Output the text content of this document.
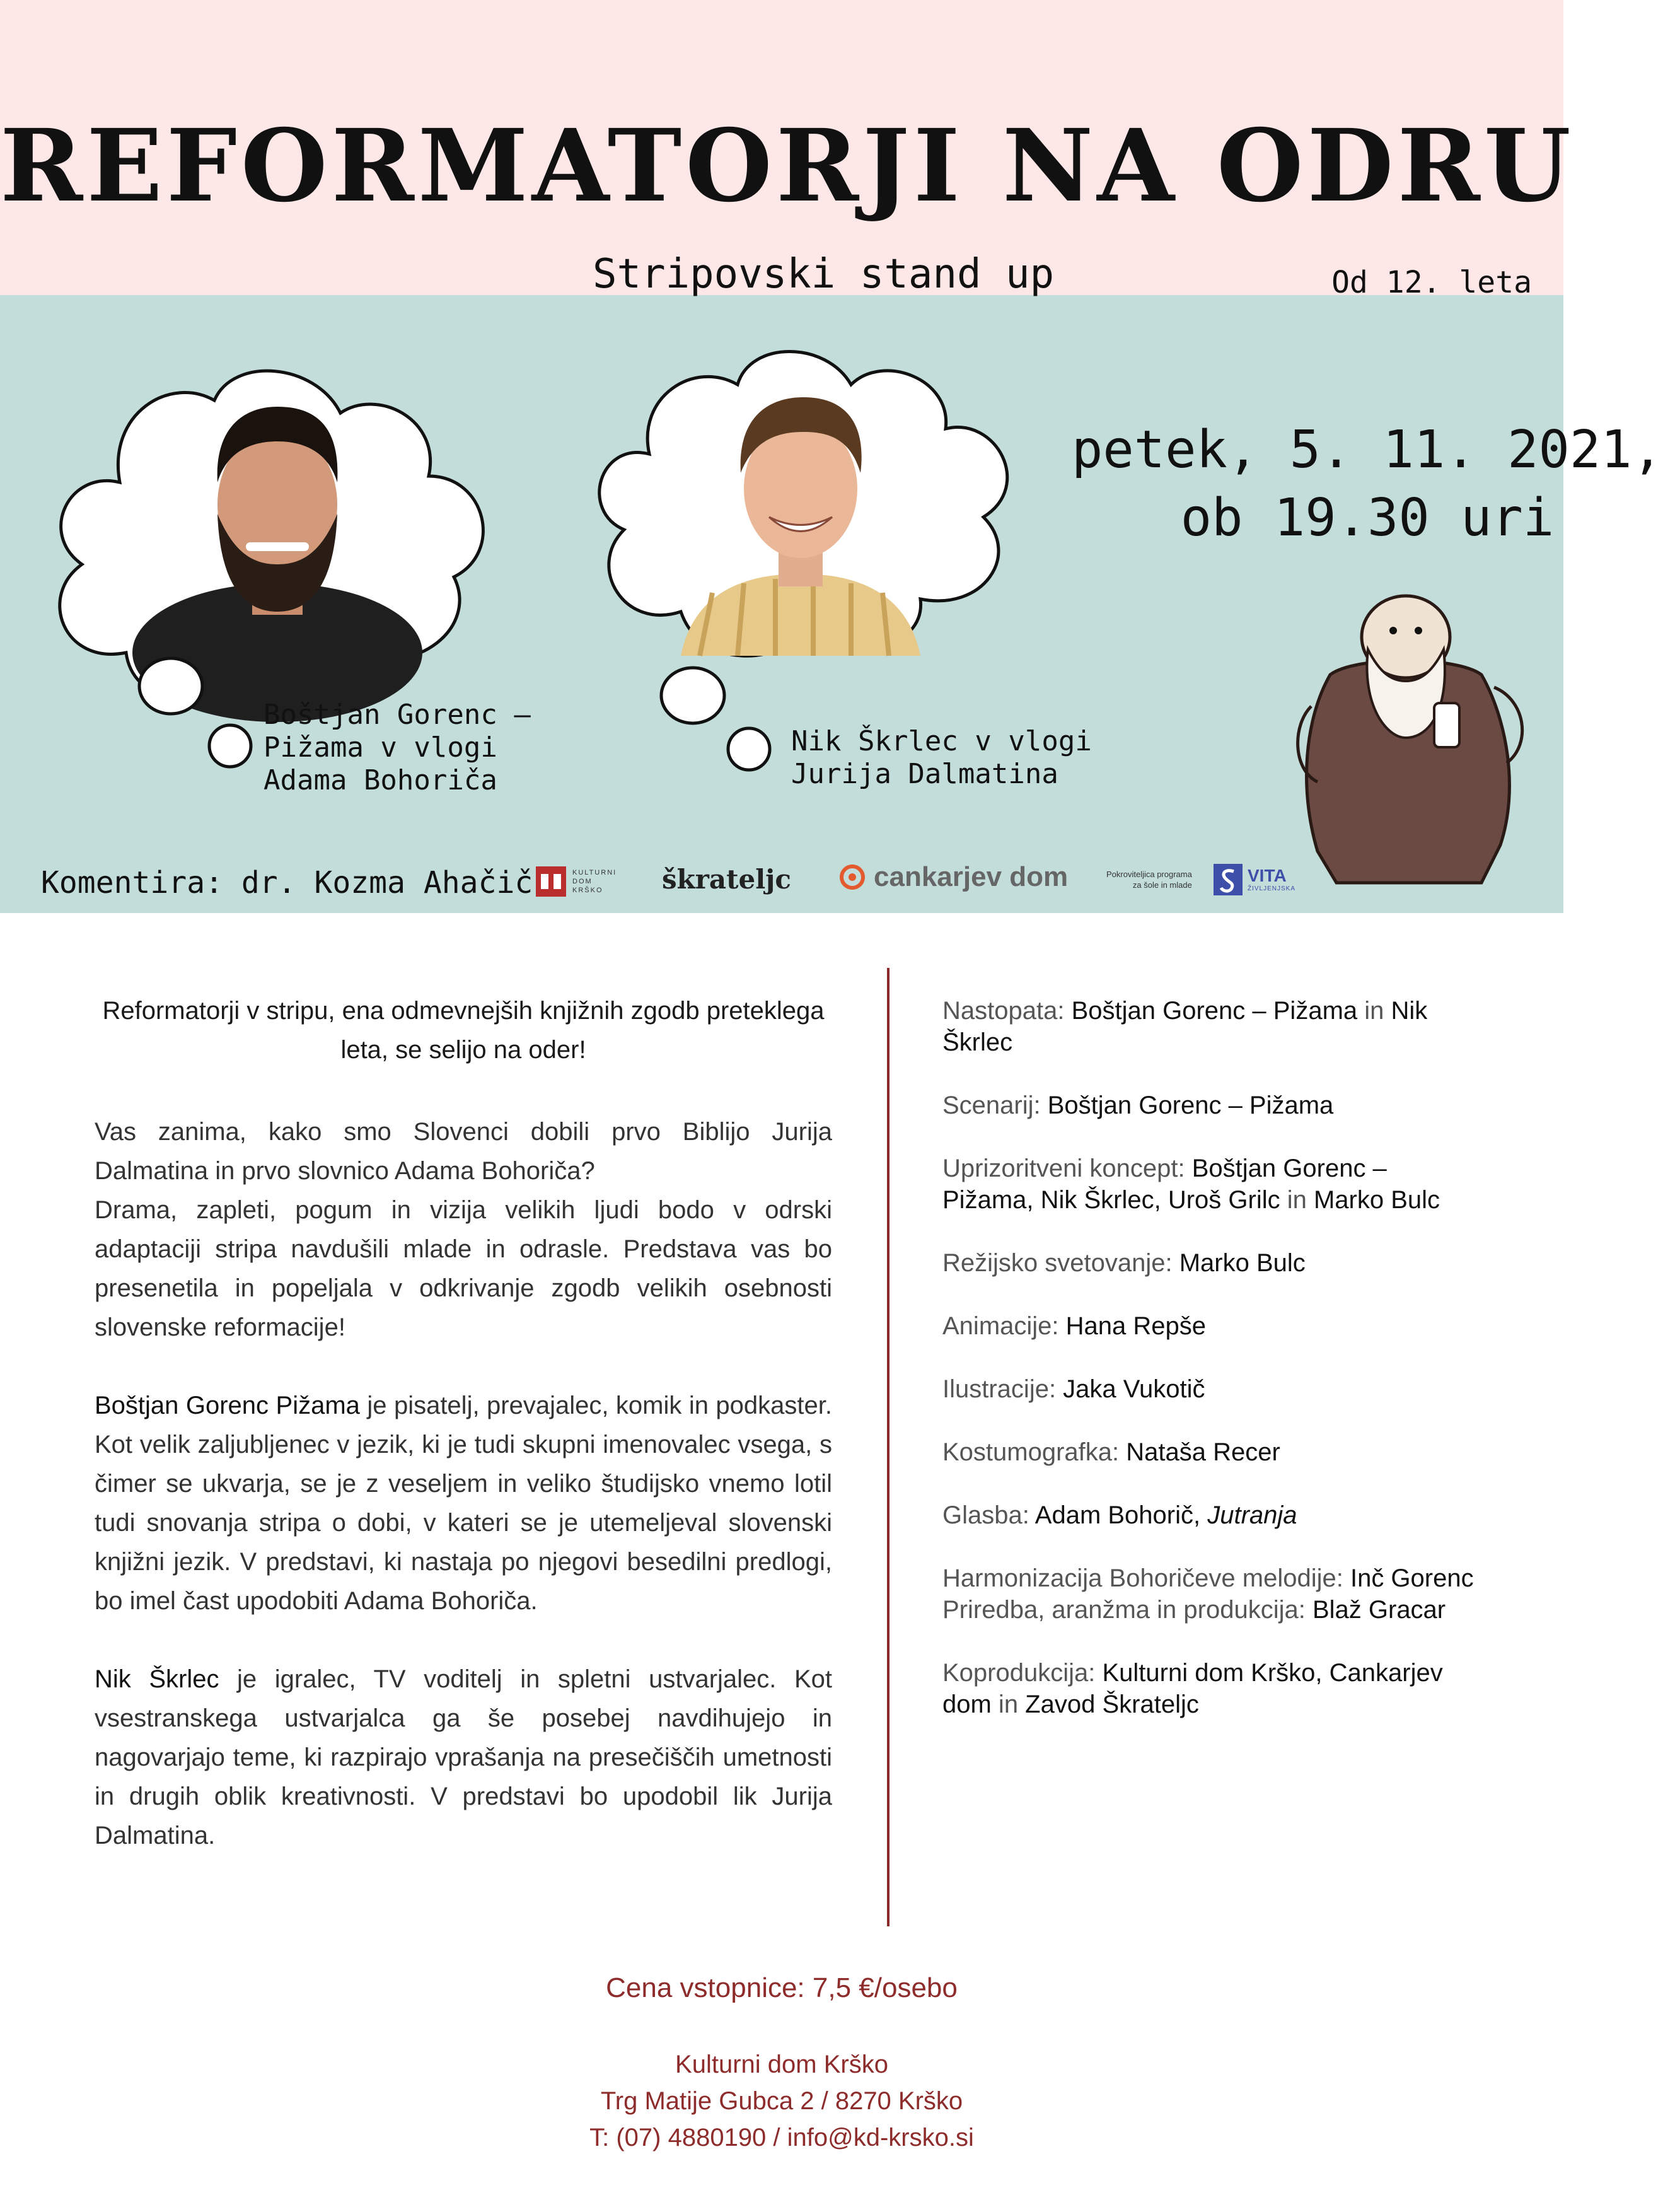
REFORMATORJI NA ODRU
Stripovski stand up	Od 12. leta
petek, 5. 11. 2021,
ob 19.30 uri
Boštjan Gorenc –
Pižama v vlogi
Adama Bohoriča
Nik Škrlec v vlogi
Jurija Dalmatina
Komentira: dr. Kozma Ahačič	KULTURNI
DOM
KRŠKO	škratelјc	cankarjev dom	Pokroviteljica programa
za šole in mlade	VITA
ŽIVLJENJSKA
Reformatorji v stripu, ena odmevnejših knjižnih zgodb preteklega leta, se selijo na oder!

Vas zanima, kako smo Slovenci dobili prvo Biblijo Jurija Dalmatina in prvo slovnico Adama Bohoriča?

Drama, zapleti, pogum in vizija velikih ljudi bodo v odrski adaptaciji stripa navdušili mlade in odrasle. Predstava vas bo presenetila in popeljala v odkrivanje zgodb velikih osebnosti slovenske reformacije!

Boštjan Gorenc Pižama je pisatelj, prevajalec, komik in podkaster. Kot velik zaljubljenec v jezik, ki je tudi skupni imenovalec vsega, s čimer se ukvarja, se je z veseljem in veliko študijsko vnemo lotil tudi snovanja stripa o dobi, v kateri se je utemeljeval slovenski knjižni jezik. V predstavi, ki nastaja po njegovi besedilni predlogi, bo imel čast upodobiti Adama Bohoriča.

Nik Škrlec je igralec, TV voditelj in spletni ustvarjalec. Kot vsestranskega ustvarjalca ga še posebej navdihujejo in nagovarjajo teme, ki razpirajo vprašanja na presečiščih umetnosti in drugih oblik kreativnosti. V predstavi bo upodobil lik Jurija Dalmatina.

Nastopata: Boštjan Gorenc – Pižama in Nik Škrlec
Scenarij: Boštjan Gorenc – Pižama
Uprizoritveni koncept: Boštjan Gorenc – Pižama, Nik Škrlec, Uroš Grilc in Marko Bulc
Režijsko svetovanje: Marko Bulc
Animacije: Hana Repše
Ilustracije: Jaka Vukotič
Kostumografka: Nataša Recer
Glasba: Adam Bohorič, Jutranja
Harmonizacija Bohoričeve melodije: Inč Gorenc
Priredba, aranžma in produkcija: Blaž Gracar
Koprodukcija: Kulturni dom Krško, Cankarjev dom in Zavod Škrateljc
Cena vstopnice: 7,5 €/osebo
Kulturni dom Krško
Trg Matije Gubca 2 / 8270 Krško
T: (07) 4880190 / info@kd-krsko.si
